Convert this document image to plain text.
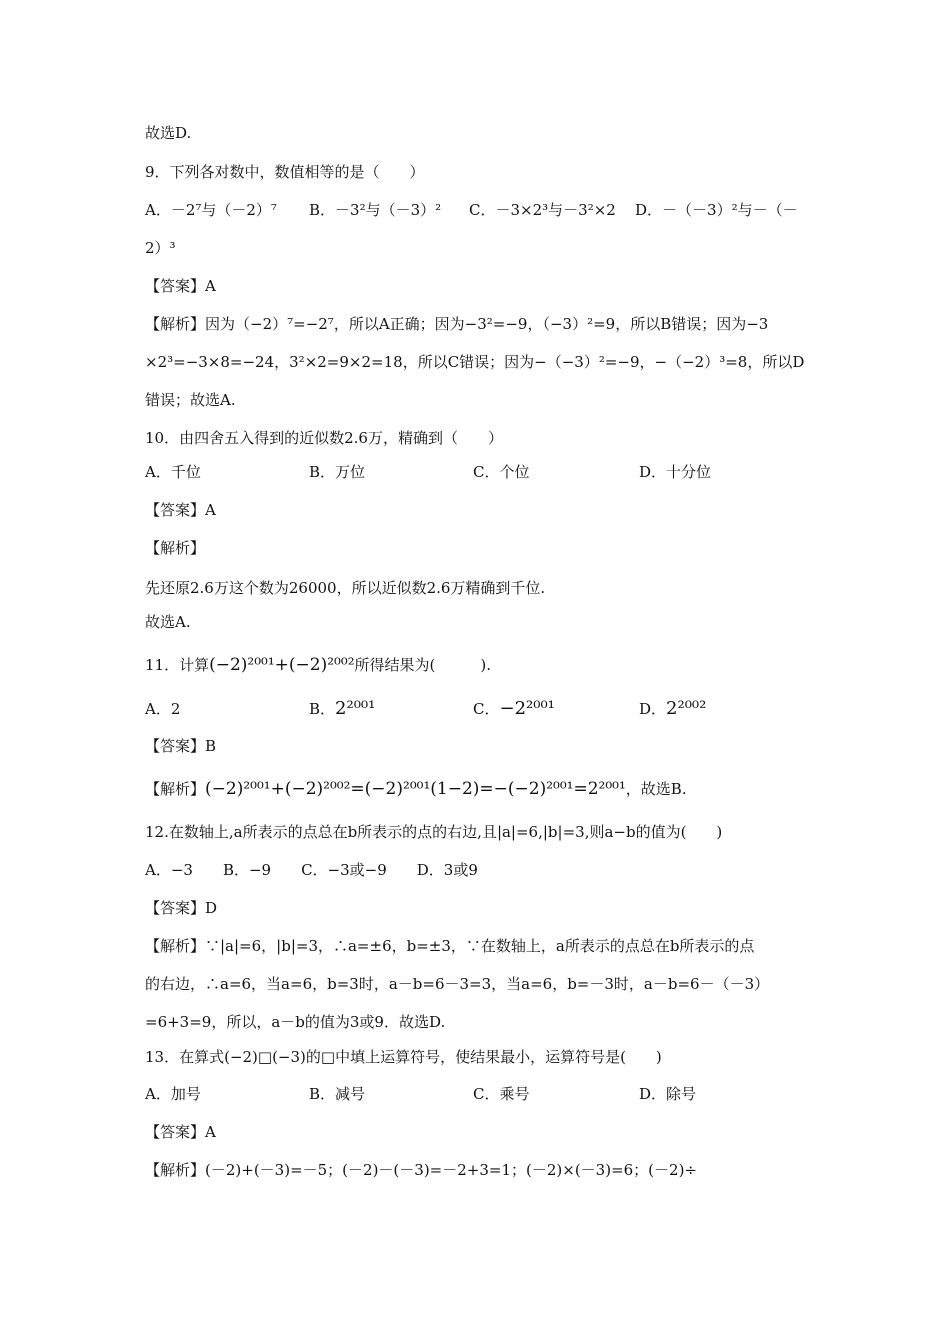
故选D.
9．下列各对数中，数值相等的是（　　）
A．－2⁷与（－2）⁷ B．－3²与（－3）² C．－3×2³与－3²×2 D．－（－3）²与－（－
2）³
【答案】A
【解析】因为（−2）⁷=−2⁷，所以A正确；因为−3²=−9，（−3）²=9，所以B错误；因为−3
×2³=−3×8=−24，3²×2=9×2=18，所以C错误；因为−（−3）²=−9，−（−2）³=8，所以D
错误；故选A.
10．由四舍五入得到的近似数2.6万，精确到（　　）
A．千位	B．万位	C．个位	D．十分位
【答案】A
【解析】
先还原2.6万这个数为26000，所以近似数2.6万精确到千位.
故选A.
11．计算(−2)²⁰⁰¹+(−2)²⁰⁰²所得结果为(　　　).
A．2	B．2²⁰⁰¹	C．−2²⁰⁰¹	D．2²⁰⁰²
【答案】B
【解析】(−2)²⁰⁰¹+(−2)²⁰⁰²=(−2)²⁰⁰¹(1−2)=−(−2)²⁰⁰¹=2²⁰⁰¹，故选B.
12.在数轴上,a所表示的点总在b所表示的点的右边,且|a|=6,|b|=3,则a−b的值为(　　)
A．−3　　B．−9　　C．−3或−9　　D．3或9
【答案】D
【解析】∵|a|=6，|b|=3，∴a=±6，b=±3，∵在数轴上，a所表示的点总在b所表示的点
的右边，∴a=6，当a=6，b=3时，a－b=6－3=3，当a=6，b=－3时，a－b=6－（－3）
=6+3=9，所以，a－b的值为3或9．故选D.
13．在算式(−2)□(−3)的□中填上运算符号，使结果最小，运算符号是(　　)
A．加号	B．减号	C．乘号	D．除号
【答案】A
【解析】(－2)+(－3)=－5；(－2)－(－3)=－2+3=1；(－2)×(－3)=6；(－2)÷
